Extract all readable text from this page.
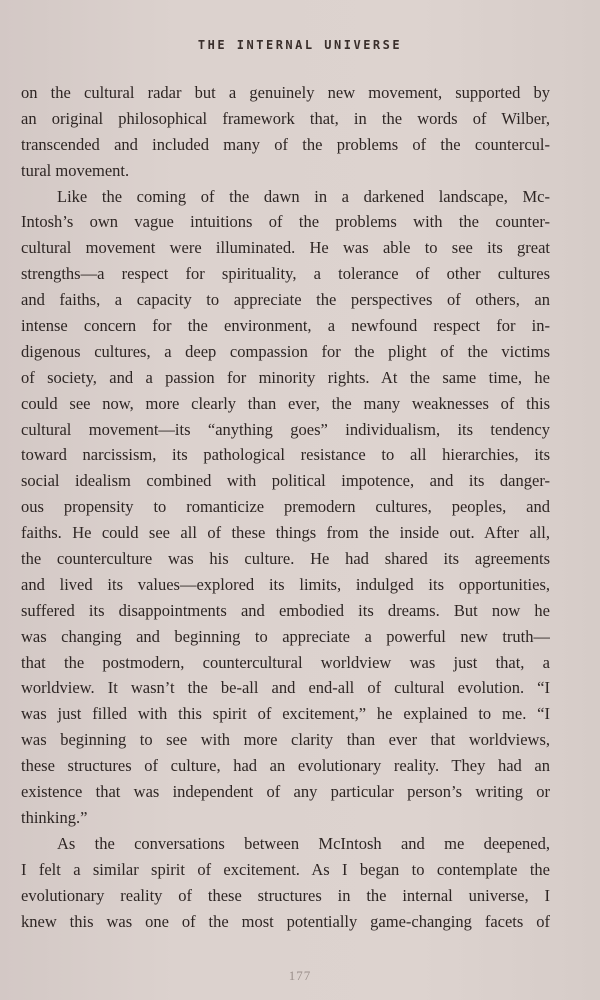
THE INTERNAL UNIVERSE
on the cultural radar but a genuinely new movement, supported by
an original philosophical framework that, in the words of Wilber,
transcended and included many of the problems of the countercul-
tural movement.
Like the coming of the dawn in a darkened landscape, Mc-
Intosh’s own vague intuitions of the problems with the counter-
cultural movement were illuminated. He was able to see its great
strengths—a respect for spirituality, a tolerance of other cultures
and faiths, a capacity to appreciate the perspectives of others, an
intense concern for the environment, a newfound respect for in-
digenous cultures, a deep compassion for the plight of the victims
of society, and a passion for minority rights. At the same time, he
could see now, more clearly than ever, the many weaknesses of this
cultural movement—its “anything goes” individualism, its tendency
toward narcissism, its pathological resistance to all hierarchies, its
social idealism combined with political impotence, and its danger-
ous propensity to romanticize premodern cultures, peoples, and
faiths. He could see all of these things from the inside out. After all,
the counterculture was his culture. He had shared its agreements
and lived its values—explored its limits, indulged its opportunities,
suffered its disappointments and embodied its dreams. But now he
was changing and beginning to appreciate a powerful new truth—
that the postmodern, countercultural worldview was just that, a
worldview. It wasn’t the be-all and end-all of cultural evolution. “I
was just filled with this spirit of excitement,” he explained to me. “I
was beginning to see with more clarity than ever that worldviews,
these structures of culture, had an evolutionary reality. They had an
existence that was independent of any particular person’s writing or
thinking.”
As the conversations between McIntosh and me deepened,
I felt a similar spirit of excitement. As I began to contemplate the
evolutionary reality of these structures in the internal universe, I
knew this was one of the most potentially game-changing facets of
177
